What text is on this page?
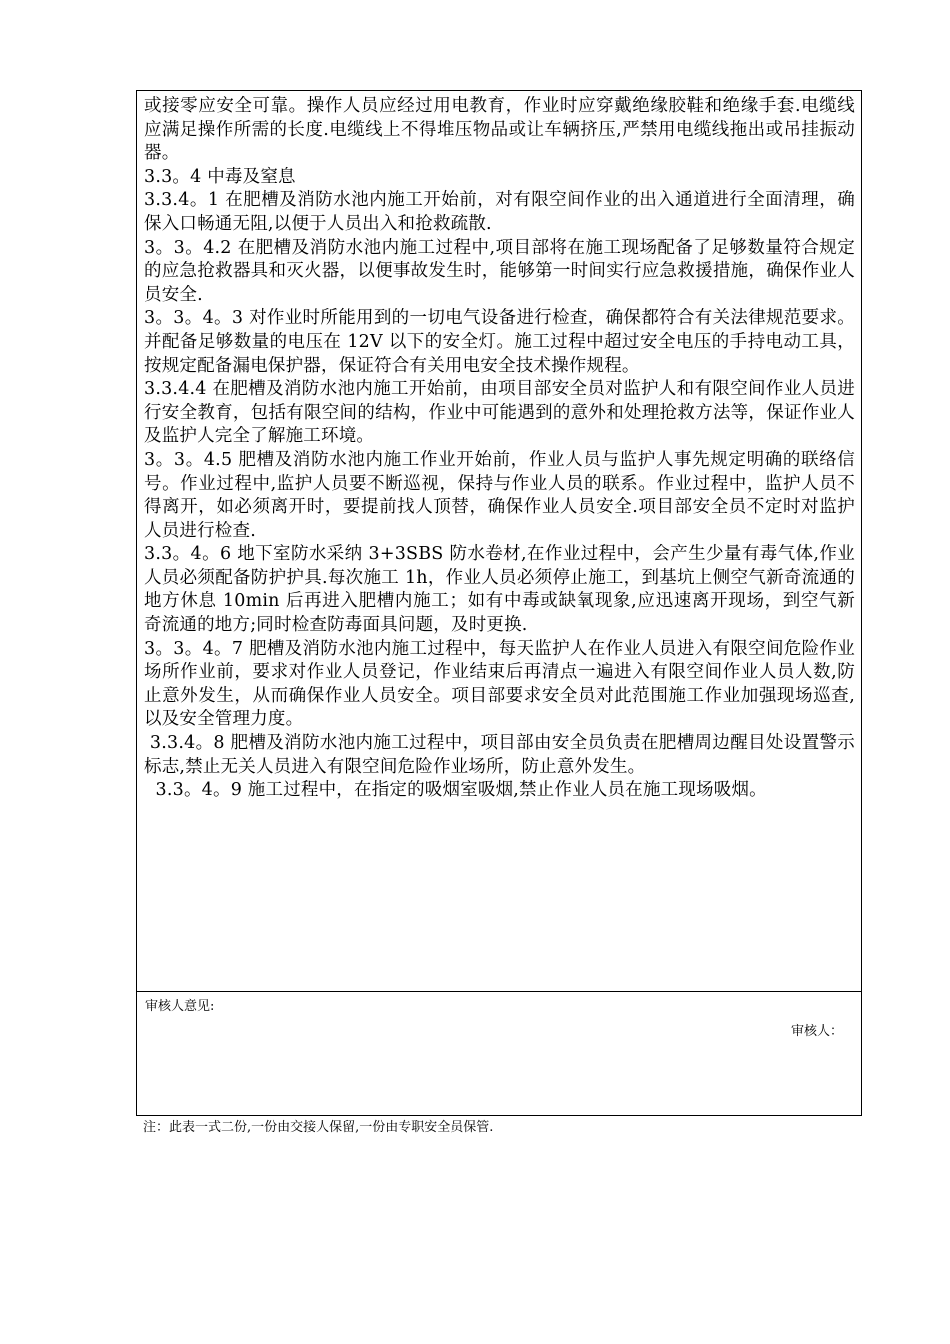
或接零应安全可靠。操作人员应经过用电教育，作业时应穿戴绝缘胶鞋和绝缘手套.电缆线应满足操作所需的长度.电缆线上不得堆压物品或让车辆挤压,严禁用电缆线拖出或吊挂振动器。

3.3。4 中毒及窒息

3.3.4。1 在肥槽及消防水池内施工开始前，对有限空间作业的出入通道进行全面清理，确保入口畅通无阻,以便于人员出入和抢救疏散.

3。3。4.2 在肥槽及消防水池内施工过程中,项目部将在施工现场配备了足够数量符合规定的应急抢救器具和灭火器，以便事故发生时，能够第一时间实行应急救援措施，确保作业人员安全.

3。3。4。3 对作业时所能用到的一切电气设备进行检查，确保都符合有关法律规范要求。并配备足够数量的电压在 12V 以下的安全灯。施工过程中超过安全电压的手持电动工具，按规定配备漏电保护器，保证符合有关用电安全技术操作规程。

3.3.4.4 在肥槽及消防水池内施工开始前，由项目部安全员对监护人和有限空间作业人员进行安全教育，包括有限空间的结构，作业中可能遇到的意外和处理抢救方法等，保证作业人及监护人完全了解施工环境。

3。3。4.5 肥槽及消防水池内施工作业开始前，作业人员与监护人事先规定明确的联络信号。作业过程中,监护人员要不断巡视，保持与作业人员的联系。作业过程中，监护人员不得离开，如必须离开时，要提前找人顶替，确保作业人员安全.项目部安全员不定时对监护人员进行检查.

3.3。4。6 地下室防水采纳 3+3SBS 防水卷材,在作业过程中，会产生少量有毒气体,作业人员必须配备防护护具.每次施工 1h，作业人员必须停止施工，到基坑上侧空气新奇流通的地方休息 10min 后再进入肥槽内施工；如有中毒或缺氧现象,应迅速离开现场，到空气新奇流通的地方;同时检查防毒面具问题，及时更换.

3。3。4。7 肥槽及消防水池内施工过程中，每天监护人在作业人员进入有限空间危险作业场所作业前，要求对作业人员登记，作业结束后再清点一遍进入有限空间作业人员人数,防止意外发生，从而确保作业人员安全。项目部要求安全员对此范围施工作业加强现场巡查,以及安全管理力度。

3.3.4。8 肥槽及消防水池内施工过程中，项目部由安全员负责在肥槽周边醒目处设置警示标志,禁止无关人员进入有限空间危险作业场所，防止意外发生。

3.3。4。9 施工过程中，在指定的吸烟室吸烟,禁止作业人员在施工现场吸烟。

审核人意见:
审核人：
注：此表一式二份,一份由交接人保留,一份由专职安全员保管.
